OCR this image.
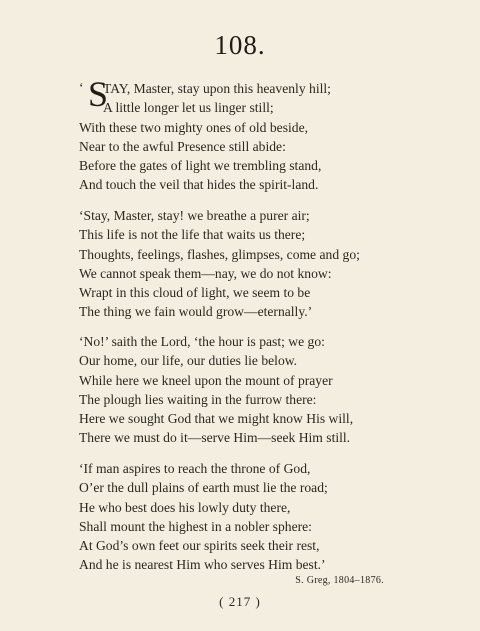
108.
‘ S
TAY, Master, stay upon this heavenly hill;
A little longer let us linger still;
With these two mighty ones of old beside,
Near to the awful Presence still abide:
Before the gates of light we trembling stand,
And touch the veil that hides the spirit-land.
‘Stay, Master, stay! we breathe a purer air;
This life is not the life that waits us there;
Thoughts, feelings, flashes, glimpses, come and go;
We cannot speak them—nay, we do not know:
Wrapt in this cloud of light, we seem to be
The thing we fain would grow—eternally.’
‘No!’ saith the Lord, ‘the hour is past; we go:
Our home, our life, our duties lie below.
While here we kneel upon the mount of prayer
The plough lies waiting in the furrow there:
Here we sought God that we might know His will,
There we must do it—serve Him—seek Him still.
‘If man aspires to reach the throne of God,
O’er the dull plains of earth must lie the road;
He who best does his lowly duty there,
Shall mount the highest in a nobler sphere:
At God’s own feet our spirits seek their rest,
And he is nearest Him who serves Him best.’
S. Greg, 1804–1876.
( 217 )
